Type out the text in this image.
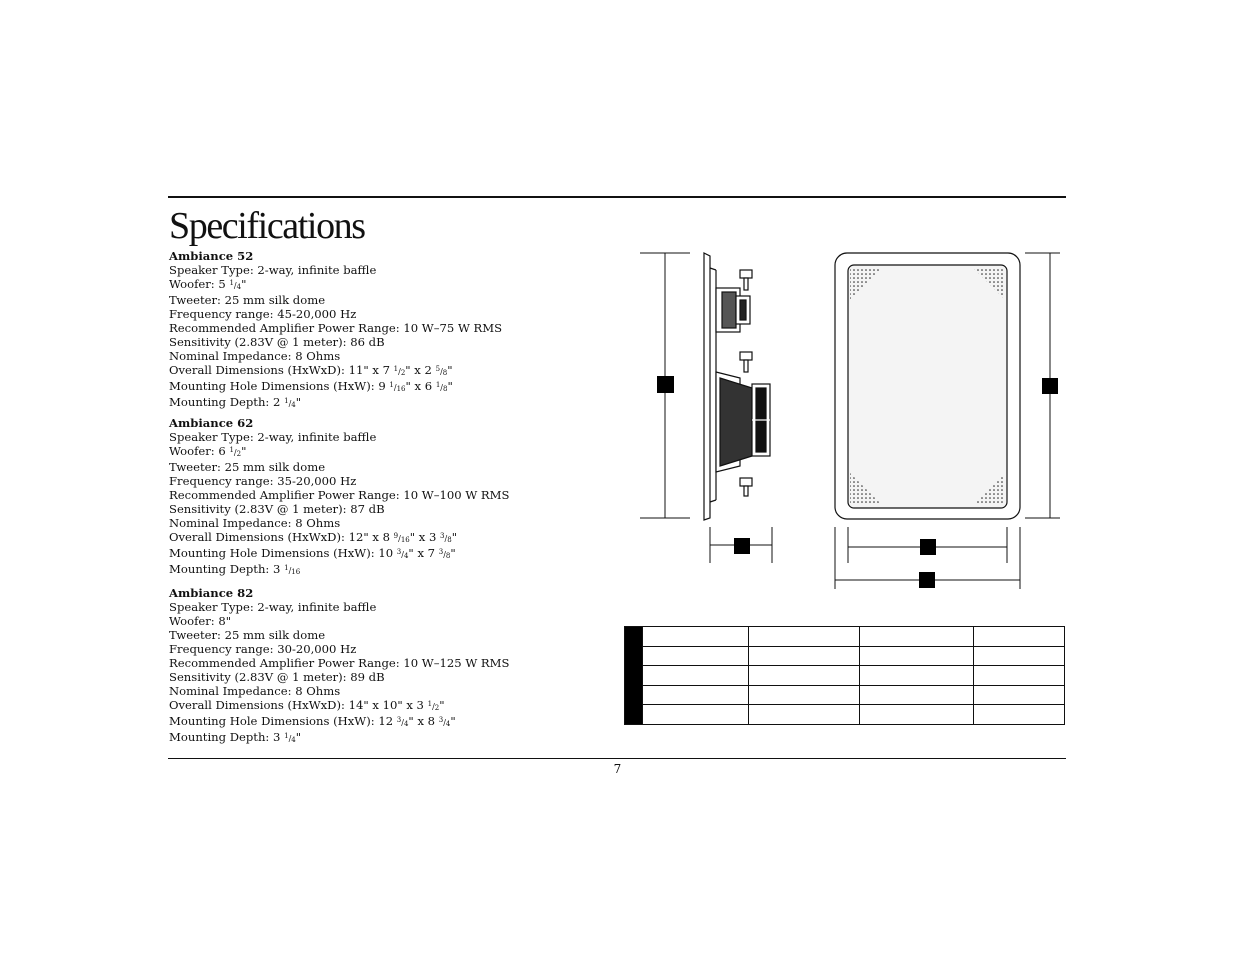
Specifications
Ambiance 52
Speaker Type: 2-way, infinite baffle
Woofer: 5 $^1/_4$"
Tweeter: 25 mm silk dome
Frequency range: 45-20,000 Hz
Recommended Amplifier Power Range: 10 W–75 W RMS
Sensitivity (2.83V @ 1 meter): 86 dB
Nominal Impedance: 8 Ohms
Overall Dimensions (HxWxD): 11" x 7 $^1/_2$" x 2 $^5/_8$"
Mounting Hole Dimensions (HxW): 9 $^1/_{16}$" x 6 $^1/_8$"
Mounting Depth: 2 $^1/_4$"
Ambiance 62
Speaker Type: 2-way, infinite baffle
Woofer: 6 $^1/_2$"
Tweeter: 25 mm silk dome
Frequency range: 35-20,000 Hz
Recommended Amplifier Power Range: 10 W–100 W RMS
Sensitivity (2.83V @ 1 meter): 87 dB
Nominal Impedance: 8 Ohms
Overall Dimensions (HxWxD): 12" x 8 $^9/_{16}$" x 3 $^3/_8$"
Mounting Hole Dimensions (HxW): 10 $^3/_4$" x 7 $^3/_8$"
Mounting Depth: 3 $^1/_{16}$
Ambiance 82
Speaker Type: 2-way, infinite baffle
Woofer: 8"
Tweeter: 25 mm silk dome
Frequency range: 30-20,000 Hz
Recommended Amplifier Power Range: 10 W–125 W RMS
Sensitivity (2.83V @ 1 meter): 89 dB
Nominal Impedance: 8 Ohms
Overall Dimensions (HxWxD): 14" x 10" x 3 $^1/_2$"
Mounting Hole Dimensions (HxW): 12 $^3/_4$" x 8 $^3/_4$"
Mounting Depth: 3 $^1/_4$"

7
